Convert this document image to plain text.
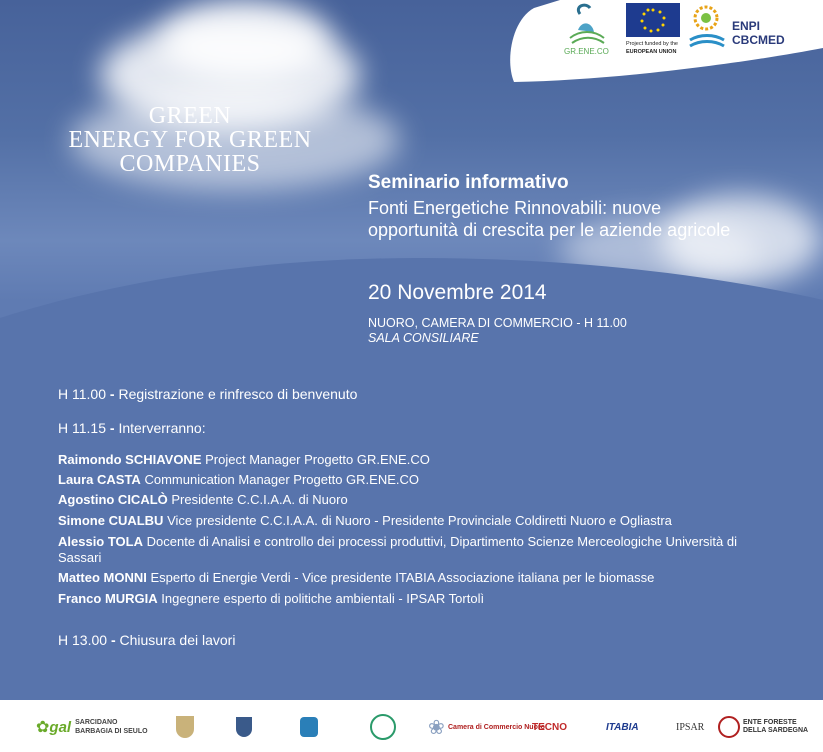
GR.ENE.CO
Project funded by the
EUROPEAN UNION
ENPI
CBCMED
GREEN
ENERGY FOR GREEN
COMPANIES
Seminario informativo
Fonti Energetiche Rinnovabili: nuove
opportunità di crescita per le aziende agricole
20 Novembre 2014
NUORO, CAMERA DI COMMERCIO - H 11.00
SALA CONSILIARE
H 11.00 - Registrazione e rinfresco di benvenuto
H 11.15 - Interverranno:
Raimondo SCHIAVONE Project Manager Progetto GR.ENE.CO
Laura CASTA Communication Manager Progetto GR.ENE.CO
Agostino CICALÒ Presidente C.C.I.A.A. di Nuoro
Simone CUALBU Vice presidente C.C.I.A.A. di Nuoro - Presidente Provinciale Coldiretti Nuoro e Ogliastra
Alessio TOLA Docente di Analisi e controllo dei processi produttivi, Dipartimento Scienze Merceologiche Università di Sassari
Matteo MONNI Esperto di Energie Verdi - Vice presidente ITABIA Associazione italiana per le biomasse
Franco MURGIA Ingegnere esperto di politiche ambientali - IPSAR Tortolì
H 13.00 - Chiusura dei lavori
✿ gal SARCIDANO
BARBAGIA DI SEULO	❀ Camera di Commercio Nuoro
TECNO	ITABIA	IPSAR	ENTE FORESTE
DELLA SARDEGNA
